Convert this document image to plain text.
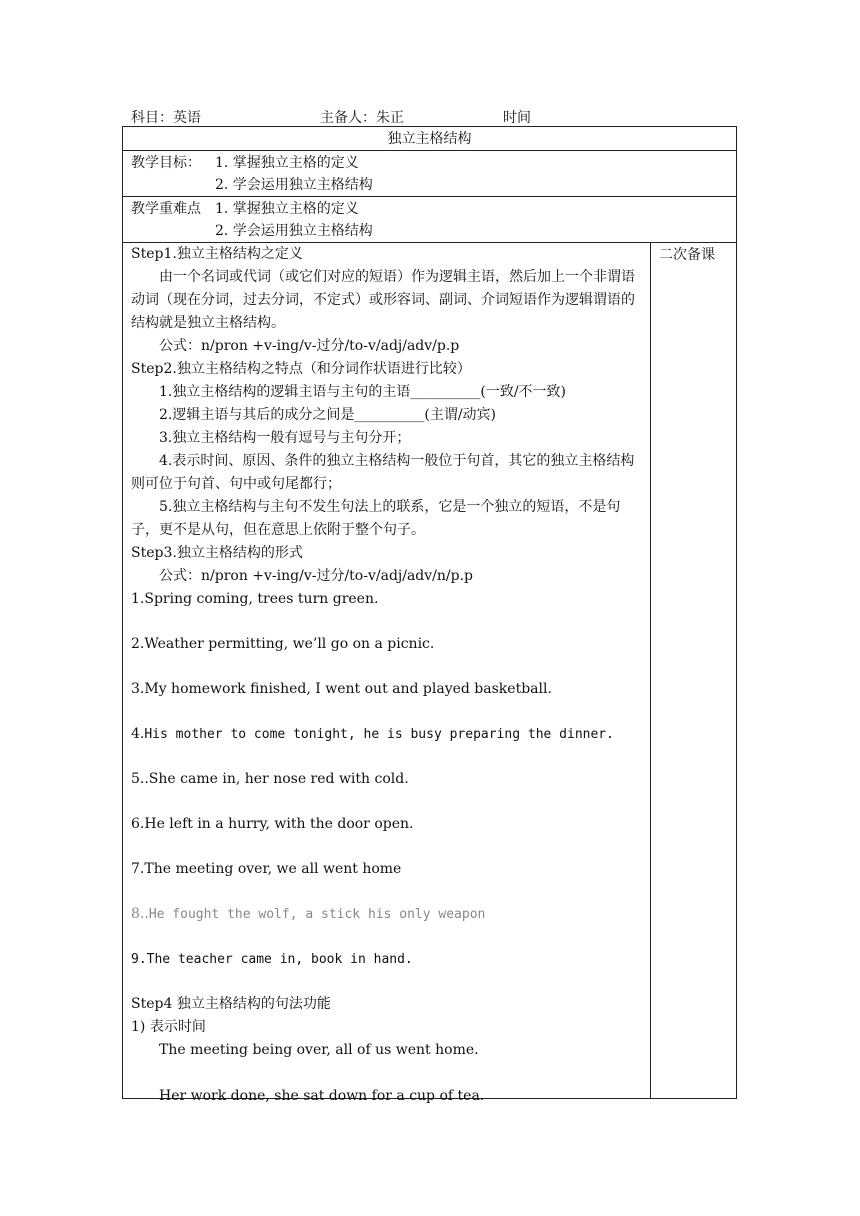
科目：英语	主备人：朱正	时间
独立主格结构
教学目标： 1. 掌握独立主格的定义
2. 学会运用独立主格结构
教学重难点 1. 掌握独立主格的定义
2. 学会运用独立主格结构
Step1.独立主格结构之定义
由一个名词或代词（或它们对应的短语）作为逻辑主语，然后加上一个非谓语动词（现在分词，过去分词，不定式）或形容词、副词、介词短语作为逻辑谓语的结构就是独立主格结构。
公式：n/pron +v-ing/v-过分/to-v/adj/adv/p.p
Step2.独立主格结构之特点（和分词作状语进行比较）
1.独立主格结构的逻辑主语与主句的主语__________(一致/不一致)
2.逻辑主语与其后的成分之间是__________(主谓/动宾)
3.独立主格结构一般有逗号与主句分开；
4.表示时间、原因、条件的独立主格结构一般位于句首，其它的独立主格结构则可位于句首、句中或句尾都行；
5.独立主格结构与主句不发生句法上的联系，它是一个独立的短语，不是句子，更不是从句，但在意思上依附于整个句子。
Step3.独立主格结构的形式
公式：n/pron +v-ing/v-过分/to-v/adj/adv/n/p.p
1.Spring coming, trees turn green.
2.Weather permitting, we’ll go on a picnic.
3.My homework finished, I went out and played basketball.
4.His mother to come tonight, he is busy preparing the dinner.
5..She came in, her nose red with cold.
6.He left in a hurry, with the door open.
7.The meeting over, we all went home
8..He fought the wolf, a stick his only weapon
9.The teacher came in, book in hand.
Step4 独立主格结构的句法功能
1) 表示时间
The meeting being over, all of us went home.
Her work done, she sat down for a cup of tea.
二次备课
